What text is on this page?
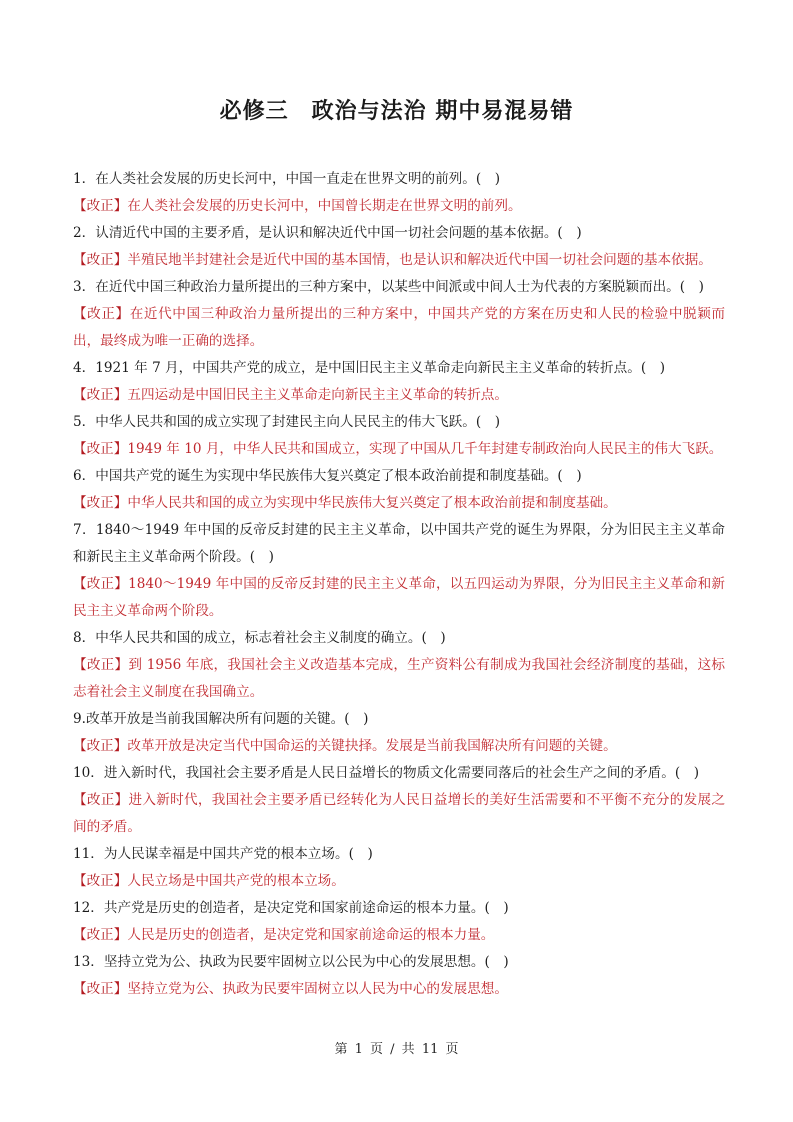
必修三　政治与法治 期中易混易错

1．在人类社会发展的历史长河中，中国一直走在世界文明的前列。(　)

【改正】在人类社会发展的历史长河中，中国曾长期走在世界文明的前列。

2．认清近代中国的主要矛盾，是认识和解决近代中国一切社会问题的基本依据。(　)

【改正】半殖民地半封建社会是近代中国的基本国情，也是认识和解决近代中国一切社会问题的基本依据。

3．在近代中国三种政治力量所提出的三种方案中，以某些中间派或中间人士为代表的方案脱颖而出。(　)

【改正】在近代中国三种政治力量所提出的三种方案中，中国共产党的方案在历史和人民的检验中脱颖而出，最终成为唯一正确的选择。

4．1921 年 7 月，中国共产党的成立，是中国旧民主主义革命走向新民主主义革命的转折点。(　)

【改正】五四运动是中国旧民主主义革命走向新民主主义革命的转折点。

5．中华人民共和国的成立实现了封建民主向人民民主的伟大飞跃。(　)

【改正】1949 年 10 月，中华人民共和国成立，实现了中国从几千年封建专制政治向人民民主的伟大飞跃。

6．中国共产党的诞生为实现中华民族伟大复兴奠定了根本政治前提和制度基础。(　)

【改正】中华人民共和国的成立为实现中华民族伟大复兴奠定了根本政治前提和制度基础。

7．1840～1949 年中国的反帝反封建的民主主义革命，以中国共产党的诞生为界限，分为旧民主主义革命和新民主主义革命两个阶段。(　)

【改正】1840～1949 年中国的反帝反封建的民主主义革命，以五四运动为界限，分为旧民主主义革命和新民主主义革命两个阶段。

8．中华人民共和国的成立，标志着社会主义制度的确立。(　)

【改正】到 1956 年底，我国社会主义改造基本完成，生产资料公有制成为我国社会经济制度的基础，这标志着社会主义制度在我国确立。

9.改革开放是当前我国解决所有问题的关键。(　)

【改正】改革开放是决定当代中国命运的关键抉择。发展是当前我国解决所有问题的关键。

10．进入新时代，我国社会主要矛盾是人民日益增长的物质文化需要同落后的社会生产之间的矛盾。(　)

【改正】进入新时代，我国社会主要矛盾已经转化为人民日益增长的美好生活需要和不平衡不充分的发展之间的矛盾。

11．为人民谋幸福是中国共产党的根本立场。(　)

【改正】人民立场是中国共产党的根本立场。

12．共产党是历史的创造者，是决定党和国家前途命运的根本力量。(　)

【改正】人民是历史的创造者，是决定党和国家前途命运的根本力量。

13．坚持立党为公、执政为民要牢固树立以公民为中心的发展思想。(　)

【改正】坚持立党为公、执政为民要牢固树立以人民为中心的发展思想。

第 1 页 / 共 11 页
